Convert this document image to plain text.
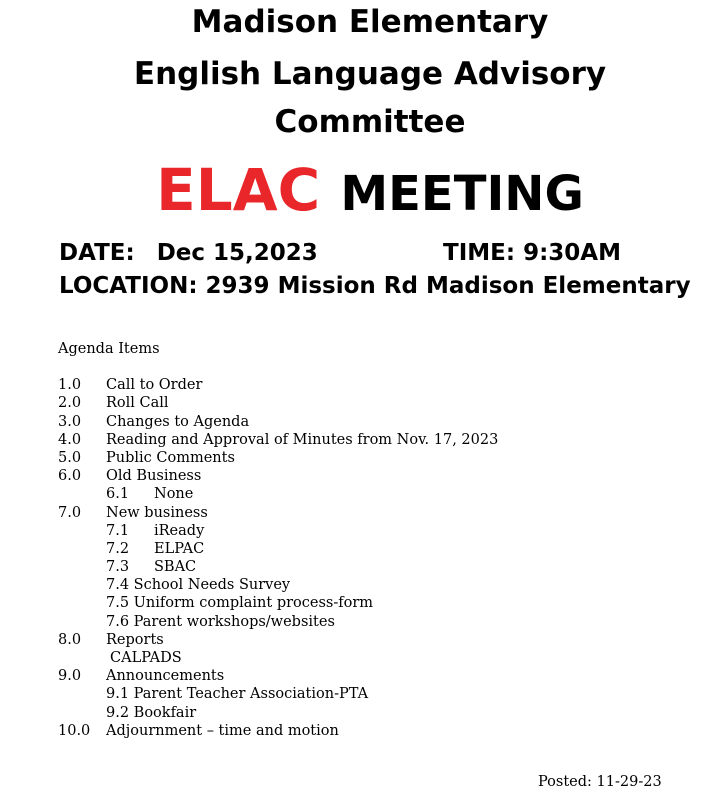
Madison Elementary
English Language Advisory
Committee
ELAC MEETING
DATE: Dec 15,2023	TIME: 9:30AM
LOCATION: 2939 Mission Rd Madison Elementary
Agenda Items
1.0 Call to Order
2.0 Roll Call
3.0 Changes to Agenda
4.0 Reading and Approval of Minutes from Nov. 17, 2023
5.0 Public Comments
6.0 Old Business
6.1 None
7.0 New business
7.1 iReady
7.2 ELPAC
7.3 SBAC
7.4 School Needs Survey
7.5 Uniform complaint process-form
7.6 Parent workshops/websites
8.0 Reports
CALPADS
9.0 Announcements
9.1 Parent Teacher Association-PTA
9.2 Bookfair
10.0 Adjournment – time and motion
Posted: 11-29-23
